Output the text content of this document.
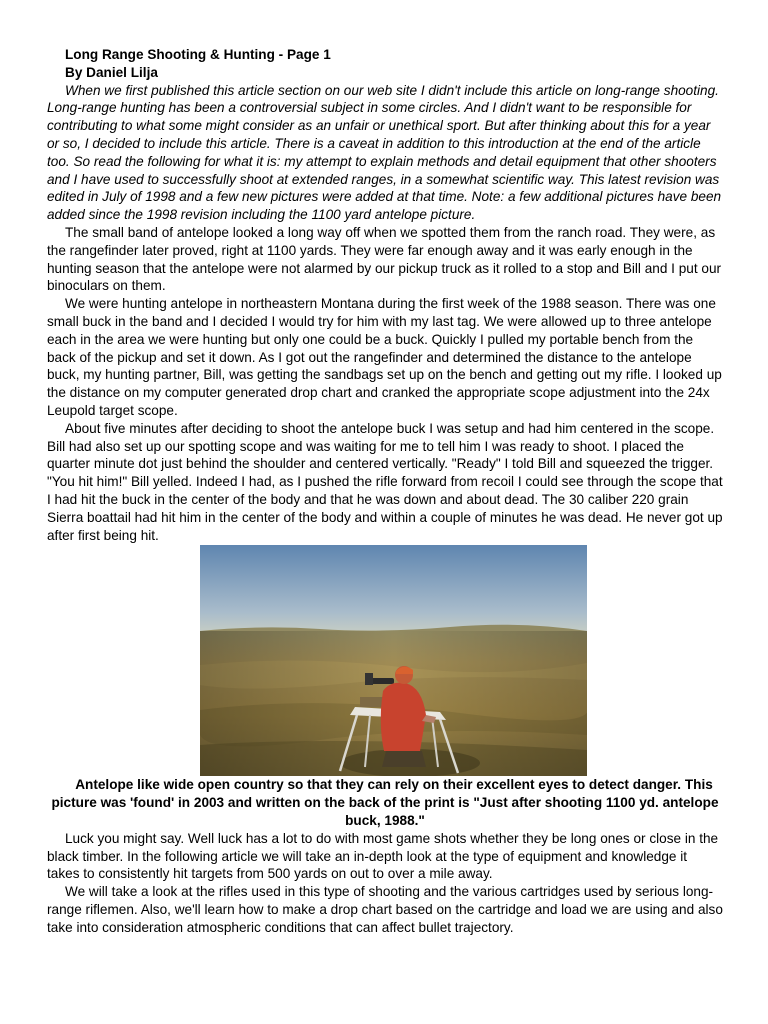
Long Range Shooting & Hunting - Page 1

By Daniel Lilja

When we first published this article section on our web site I didn't include this article on long-range shooting. Long-range hunting has been a controversial subject in some circles. And I didn't want to be responsible for contributing to what some might consider as an unfair or unethical sport. But after thinking about this for a year or so, I decided to include this article. There is a caveat in addition to this introduction at the end of the article too. So read the following for what it is: my attempt to explain methods and detail equipment that other shooters and I have used to successfully shoot at extended ranges, in a somewhat scientific way. This latest revision was edited in July of 1998 and a few new pictures were added at that time. Note: a few additional pictures have been added since the 1998 revision including the 1100 yard antelope picture.

The small band of antelope looked a long way off when we spotted them from the ranch road. They were, as the rangefinder later proved, right at 1100 yards. They were far enough away and it was early enough in the hunting season that the antelope were not alarmed by our pickup truck as it rolled to a stop and Bill and I put our binoculars on them.

We were hunting antelope in northeastern Montana during the first week of the 1988 season. There was one small buck in the band and I decided I would try for him with my last tag. We were allowed up to three antelope each in the area we were hunting but only one could be a buck. Quickly I pulled my portable bench from the back of the pickup and set it down. As I got out the rangefinder and determined the distance to the antelope buck, my hunting partner, Bill, was getting the sandbags set up on the bench and getting out my rifle. I looked up the distance on my computer generated drop chart and cranked the appropriate scope adjustment into the 24x Leupold target scope.

About five minutes after deciding to shoot the antelope buck I was setup and had him centered in the scope. Bill had also set up our spotting scope and was waiting for me to tell him I was ready to shoot. I placed the quarter minute dot just behind the shoulder and centered vertically. "Ready" I told Bill and squeezed the trigger. "You hit him!" Bill yelled. Indeed I had, as I pushed the rifle forward from recoil I could see through the scope that I had hit the buck in the center of the body and that he was down and about dead. The 30 caliber 220 grain Sierra boattail had hit him in the center of the body and within a couple of minutes he was dead. He never got up after first being hit.

Antelope like wide open country so that they can rely on their excellent eyes to detect danger. This picture was 'found' in 2003 and written on the back of the print is "Just after shooting 1100 yd. antelope buck, 1988."

Luck you might say. Well luck has a lot to do with most game shots whether they be long ones or close in the black timber. In the following article we will take an in-depth look at the type of equipment and knowledge it takes to consistently hit targets from 500 yards on out to over a mile away.

We will take a look at the rifles used in this type of shooting and the various cartridges used by serious long-range riflemen. Also, we'll learn how to make a drop chart based on the cartridge and load we are using and also take into consideration atmospheric conditions that can affect bullet trajectory.
